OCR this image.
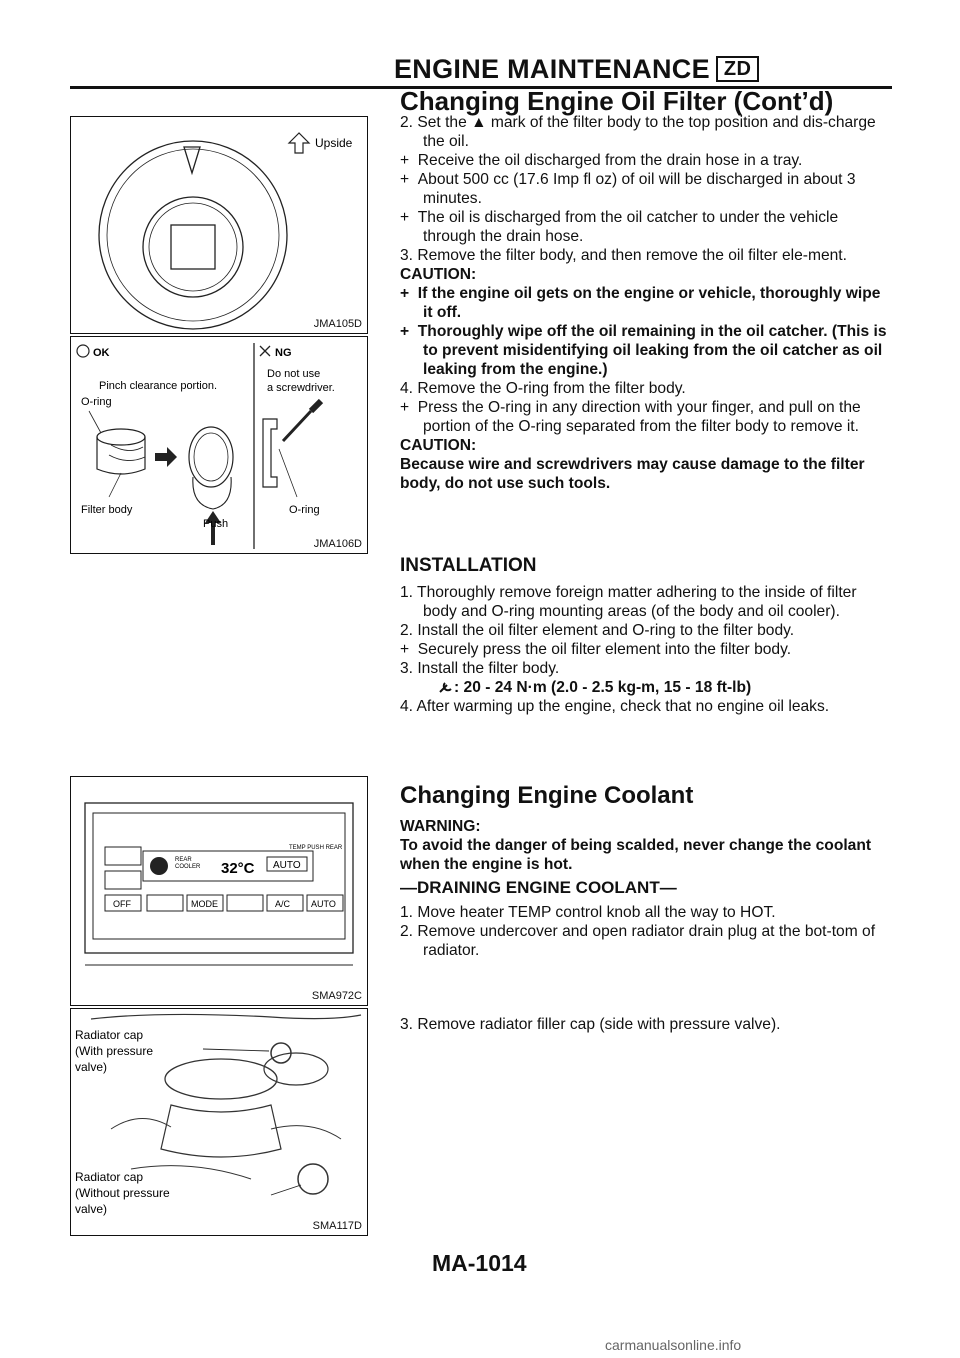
ENGINE MAINTENANCE ZD
Changing Engine Oil Filter (Cont’d)
Upside
JMA105D
OK	NG
Pinch clearance portion.
O-ring
Filter body
Push
Do not use
a screwdriver.
O-ring
JMA106D
TEMP PUSH REAR
REAR
COOLER 32°C AUTO
OFF	MODE	A/C AUTO
SMA972C
Radiator cap
(With pressure
valve)
Radiator cap
(Without pressure
valve)
SMA117D

2. Set the ▲ mark of the filter body to the top position and dis-charge the oil.

+  Receive the oil discharged from the drain hose in a tray.

+  About 500 cc (17.6 Imp fl oz) of oil will be discharged in about 3 minutes.

+  The oil is discharged from the oil catcher to under the vehicle through the drain hose.

3. Remove the filter body, and then remove the oil filter ele-ment.

CAUTION:

+  If the engine oil gets on the engine or vehicle, thoroughly wipe it off.

+  Thoroughly wipe off the oil remaining in the oil catcher. (This is to prevent misidentifying oil leaking from the oil catcher as oil leaking from the engine.)

4. Remove the O-ring from the filter body.

+  Press the O-ring in any direction with your finger, and pull on the portion of the O-ring separated from the filter body to remove it.

CAUTION:

Because wire and screwdrivers may cause damage to the filter body, do not use such tools.

INSTALLATION

1. Thoroughly remove foreign matter adhering to the inside of filter body and O-ring mounting areas (of the body and oil cooler).

2. Install the oil filter element and O-ring to the filter body.

+  Securely press the oil filter element into the filter body.

3. Install the filter body.

: 20 - 24 N·m (2.0 - 2.5 kg-m, 15 - 18 ft-lb)

4. After warming up the engine, check that no engine oil leaks.

Changing Engine Coolant

WARNING:

To avoid the danger of being scalded, never change the coolant when the engine is hot.

—DRAINING ENGINE COOLANT—

1. Move heater TEMP control knob all the way to HOT.

2. Remove undercover and open radiator drain plug at the bot-tom of radiator.

3. Remove radiator filler cap (side with pressure valve).

MA-1014
carmanualsonline.info
